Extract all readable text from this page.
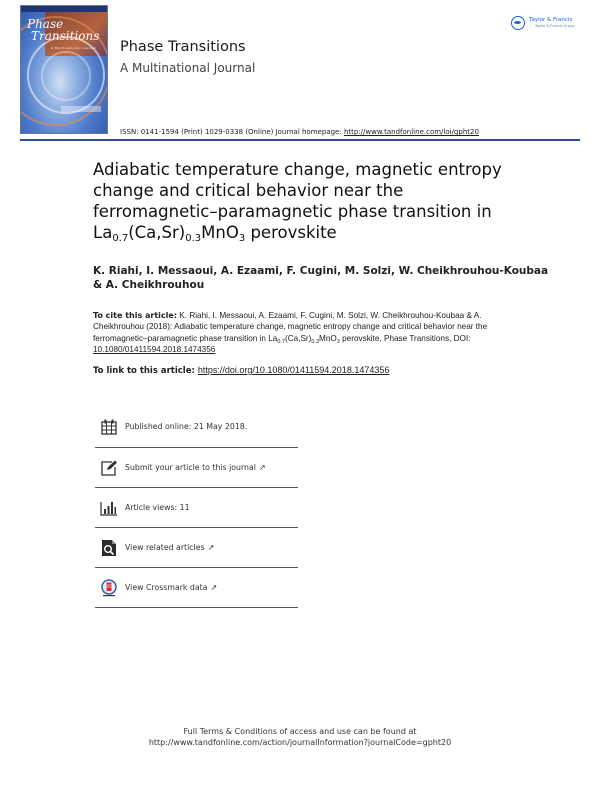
Phase
Transitions
A Multinational Journal Phase Transitions
A Multinational Journal
Taylor & Francis
Taylor & Francis Group
ISSN: 0141-1594 (Print) 1029-0338 (Online) Journal homepage: http://www.tandfonline.com/loi/gpht20
Adiabatic temperature change, magnetic entropy change and critical behavior near the ferromagnetic–paramagnetic phase transition in $La_{0.7}(Ca,Sr)_{0.3}MnO_3$ perovskite
K. Riahi, I. Messaoui, A. Ezaami, F. Cugini, M. Solzi, W. Cheikhrouhou-Koubaa & A. Cheikhrouhou
To cite this article: K. Riahi, I. Messaoui, A. Ezaami, F. Cugini, M. Solzi, W. Cheikhrouhou-Koubaa & A. Cheikhrouhou (2018): Adiabatic temperature change, magnetic entropy change and critical behavior near the ferromagnetic–paramagnetic phase transition in $La_{0.7}(Ca,Sr)_{0.3}MnO_3$ perovskite, Phase Transitions, DOI: 10.1080/01411594.2018.1474356
To link to this article: https://doi.org/10.1080/01411594.2018.1474356
Published online: 21 May 2018.
Submit your article to this journal ↗
Article views: 11
View related articles ↗
View Crossmark data ↗
Full Terms & Conditions of access and use can be found at
http://www.tandfonline.com/action/journalInformation?journalCode=gpht20
